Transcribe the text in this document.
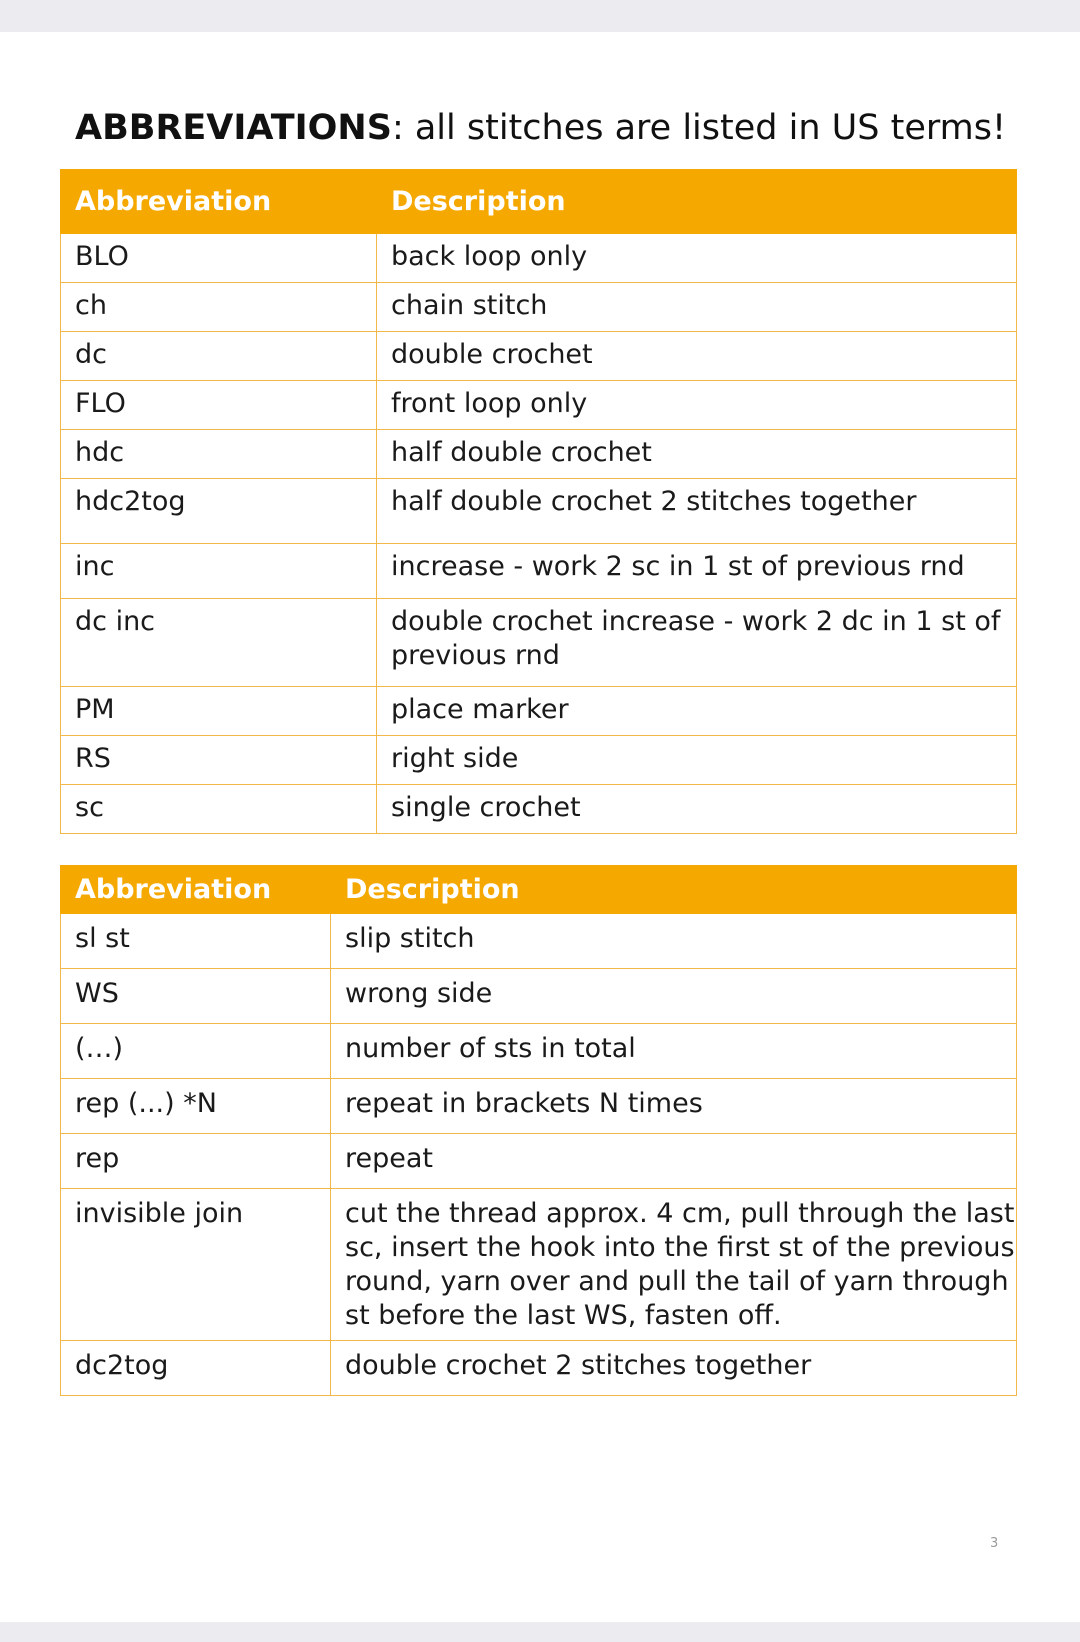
ABBREVIATIONS: all stitches are listed in US terms!
Abbreviation	Description
BLO	back loop only
ch	chain stitch
dc	double crochet
FLO	front loop only
hdc	half double crochet
hdc2tog	half double crochet 2 stitches together
inc	increase - work 2 sc in 1 st of previous rnd
dc inc	double crochet increase - work 2 dc in 1 st of previous rnd
PM	place marker
RS	right side
sc	single crochet
Abbreviation	Description
sl st	slip stitch
WS	wrong side
(…)	number of sts in total
rep (...) *N	repeat in brackets N times
rep	repeat
invisible join	cut the thread approx. 4 cm, pull through the last sc, insert the hook into the first st of the previous round, yarn over and pull the tail of yarn through st before the last WS, fasten off.
dc2tog	double crochet 2 stitches together
3
